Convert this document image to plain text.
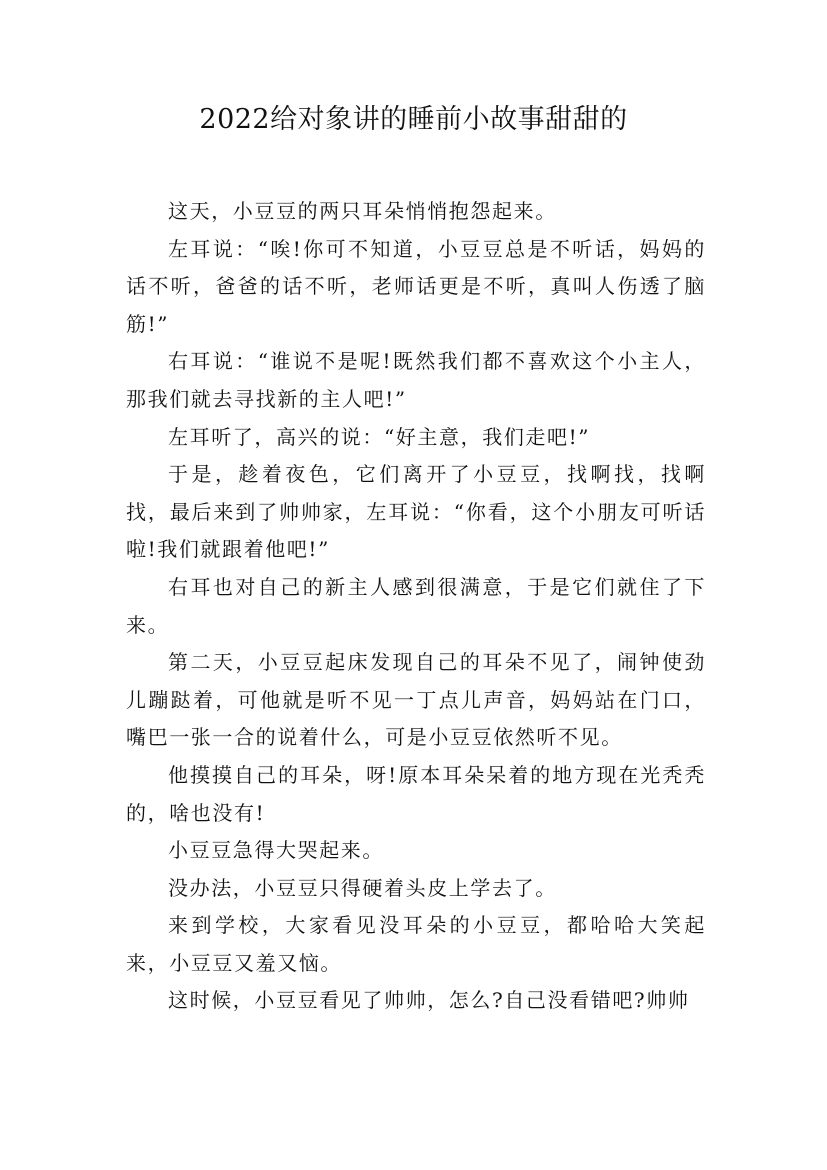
2022给对象讲的睡前小故事甜甜的

这天，小豆豆的两只耳朵悄悄抱怨起来。

左耳说：“唉!你可不知道，小豆豆总是不听话，妈妈的话不听，爸爸的话不听，老师话更是不听，真叫人伤透了脑筋!”

右耳说：“谁说不是呢!既然我们都不喜欢这个小主人，那我们就去寻找新的主人吧!”

左耳听了，高兴的说：“好主意，我们走吧!”

于是，趁着夜色，它们离开了小豆豆，找啊找，找啊找，最后来到了帅帅家，左耳说：“你看，这个小朋友可听话啦!我们就跟着他吧!”

右耳也对自己的新主人感到很满意，于是它们就住了下来。

第二天，小豆豆起床发现自己的耳朵不见了，闹钟使劲儿蹦跶着，可他就是听不见一丁点儿声音，妈妈站在门口，嘴巴一张一合的说着什么，可是小豆豆依然听不见。

他摸摸自己的耳朵，呀!原本耳朵呆着的地方现在光秃秃的，啥也没有!

小豆豆急得大哭起来。

没办法，小豆豆只得硬着头皮上学去了。

来到学校，大家看见没耳朵的小豆豆，都哈哈大笑起来，小豆豆又羞又恼。

这时候，小豆豆看见了帅帅，怎么?自己没看错吧?帅帅
